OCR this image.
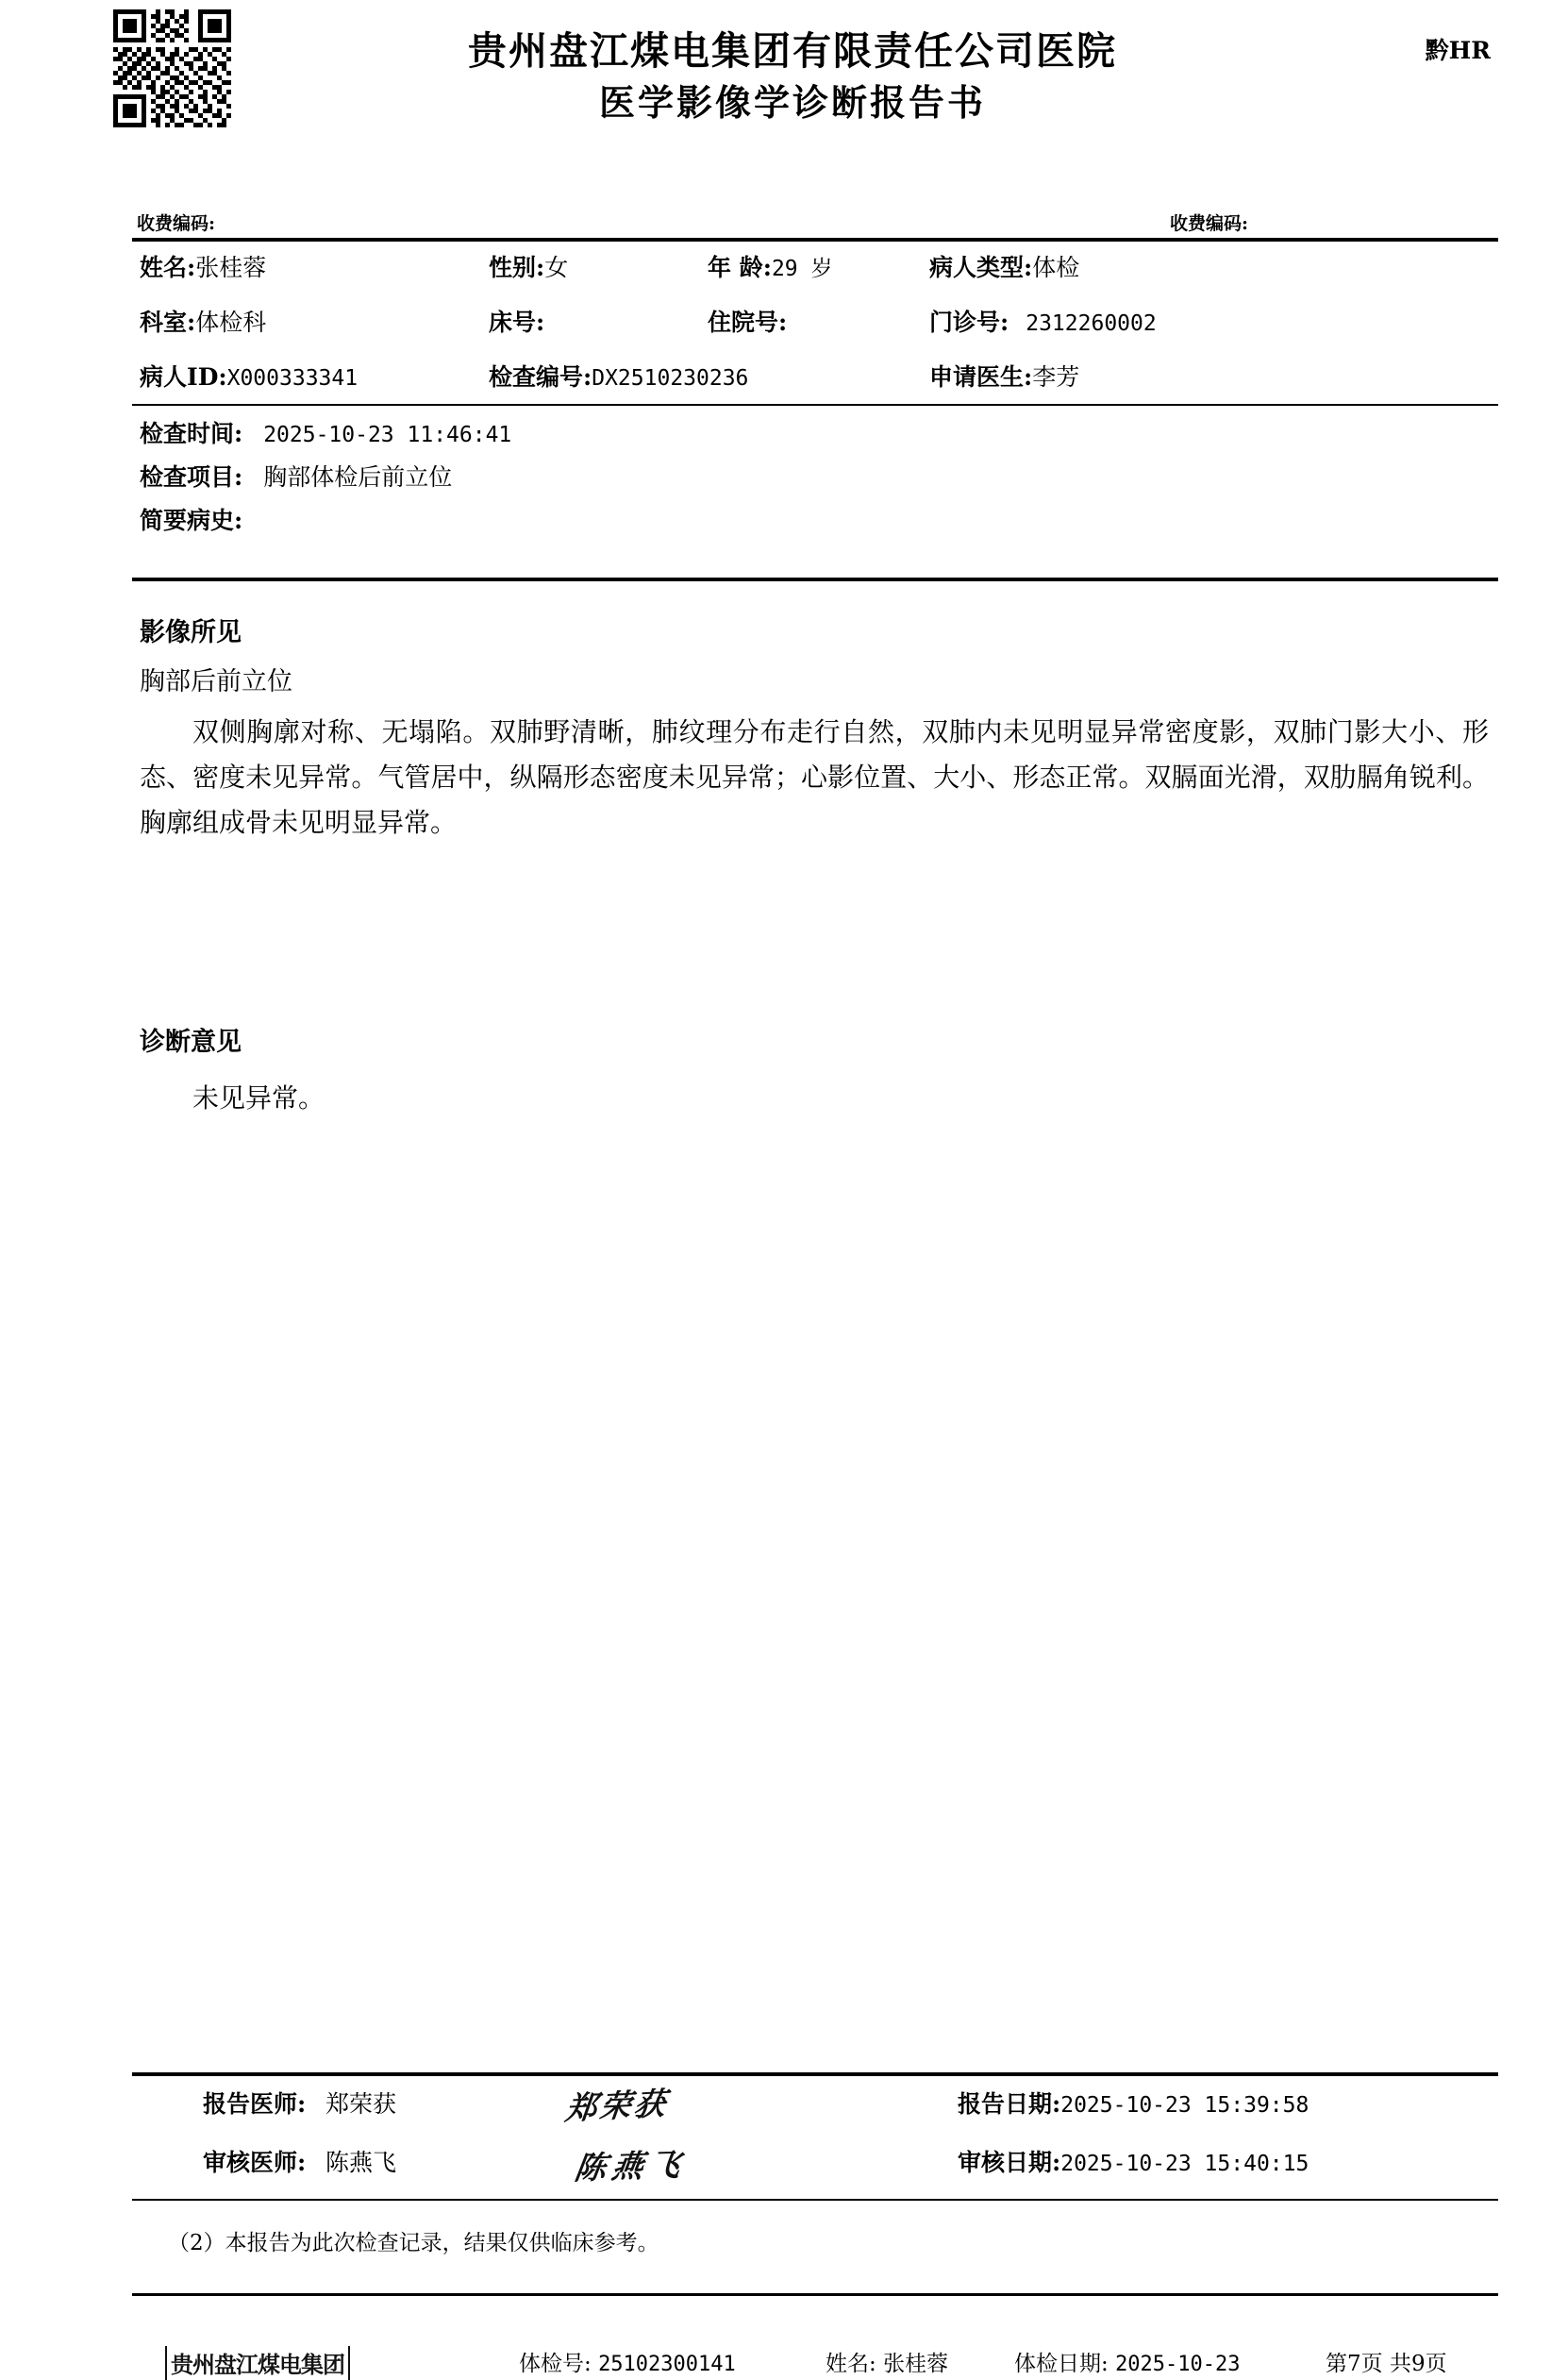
贵州盘江煤电集团有限责任公司医院
医学影像学诊断报告书
黔HR
收费编码:	收费编码:
姓名:张桂蓉	性别:女	年 龄:29 岁	病人类型:体检
科室:体检科	床号:	住院号:	门诊号: 2312260002
病人ID:X000333341	检查编号:DX2510230236	申请医生:李芳
检查时间: 2025-10-23 11:46:41
检查项目: 胸部体检后前立位
简要病史:
影像所见
胸部后前立位
双侧胸廓对称、无塌陷。双肺野清晰，肺纹理分布走行自然，双肺内未见明显异常密度影，双肺门影大小、形态、密度未见异常。气管居中，纵隔形态密度未见异常；心影位置、大小、形态正常。双膈面光滑，双肋膈角锐利。胸廓组成骨未见明显异常。
诊断意见
未见异常。
报告医师: 郑荣获	郑荣获	报告日期:2025-10-23 15:39:58
审核医师: 陈燕飞	陈燕飞	审核日期:2025-10-23 15:40:15
（2）本报告为此次检查记录，结果仅供临床参考。
贵州盘江煤电集团	体检号: 25102300141	姓名: 张桂蓉	体检日期: 2025-10-23	第7页 共9页
